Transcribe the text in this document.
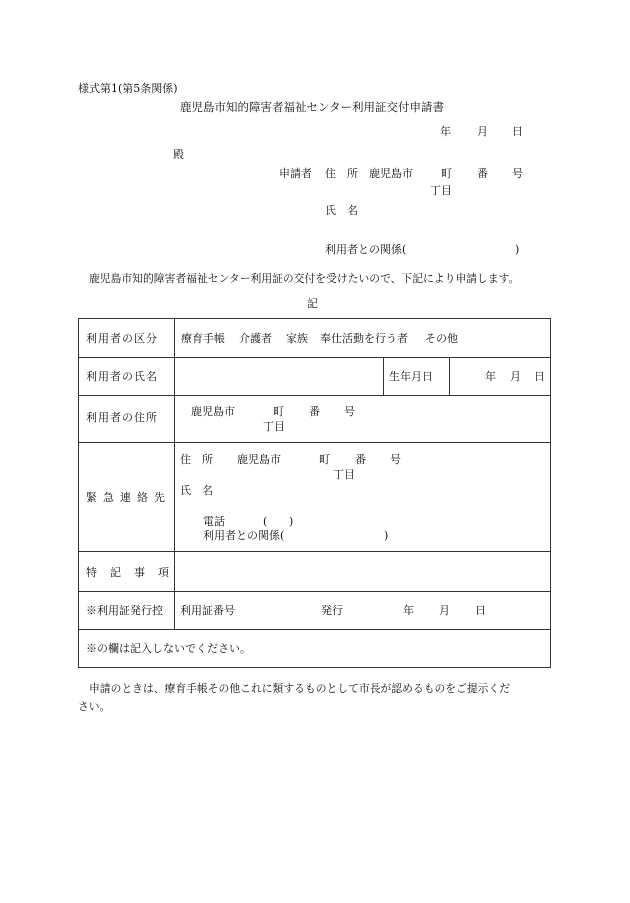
様式第1(第5条関係)
鹿児島市知的障害者福祉センター利用証交付申請書
年 月 日
殿
申請者 住　所 鹿児島市	町 番 号
丁目
氏　名
利用者との関係(	)
鹿児島市知的障害者福祉センター利用証の交付を受けたいので、下記により申請します。
記
利用者の区分 療育手帳 介護者 家族 奉仕活動を行う者 その他
利用者の氏名	生年月日	年 月 日
利用者の住所	鹿児島市	町 番 号
丁目
緊急連絡先
住　所 鹿児島市	町 番 号
丁目
氏　名
電話	( )
利用者との関係(	)
特記事項
※利用証発行控 利用証番号	発行	年 月 日
※の欄は記入しないでください。
申請のときは、療育手帳その他これに類するものとして市長が認めるものをご提示くだ
さい。
